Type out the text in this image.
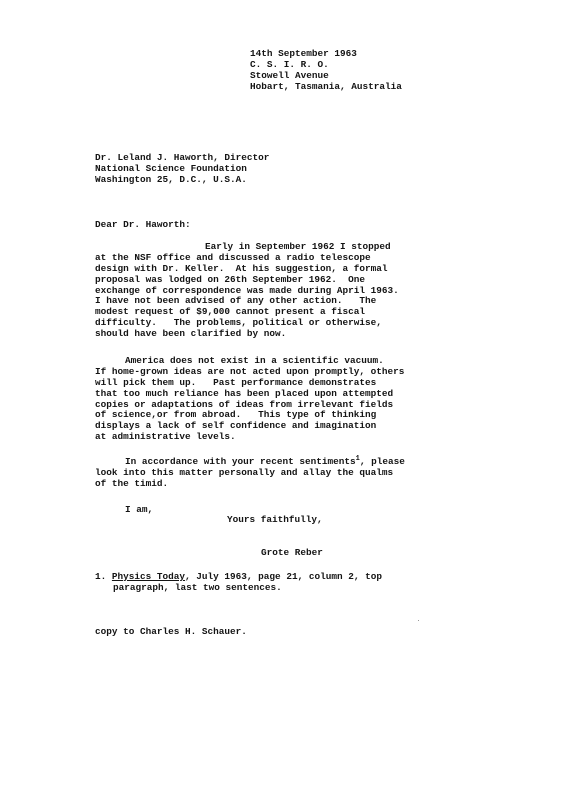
14th September 1963
C. S. I. R. O.
Stowell Avenue
Hobart, Tasmania, Australia
Dr. Leland J. Haworth, Director
National Science Foundation
Washington 25, D.C., U.S.A.
Dear Dr. Haworth:
Early in September 1962 I stopped
at the NSF office and discussed a radio telescope
design with Dr. Keller.  At his suggestion, a formal
proposal was lodged on 26th September 1962.  One
exchange of correspondence was made during April 1963.
I have not been advised of any other action.   The
modest request of $9,000 cannot present a fiscal
difficulty.   The problems, political or otherwise,
should have been clarified by now.
America does not exist in a scientific vacuum.
If home-grown ideas are not acted upon promptly, others
will pick them up.   Past performance demonstrates
that too much reliance has been placed upon attempted
copies or adaptations of ideas from irrelevant fields
of science,or from abroad.   This type of thinking
displays a lack of self confidence and imagination
at administrative levels.
In accordance with your recent sentiments$^1$, please
look into this matter personally and allay the qualms
of the timid.
I am,
Yours faithfully,
Grote Reber
1. Physics Today, July 1963, page 21, column 2, top
paragraph, last two sentences.
copy to Charles H. Schauer.
